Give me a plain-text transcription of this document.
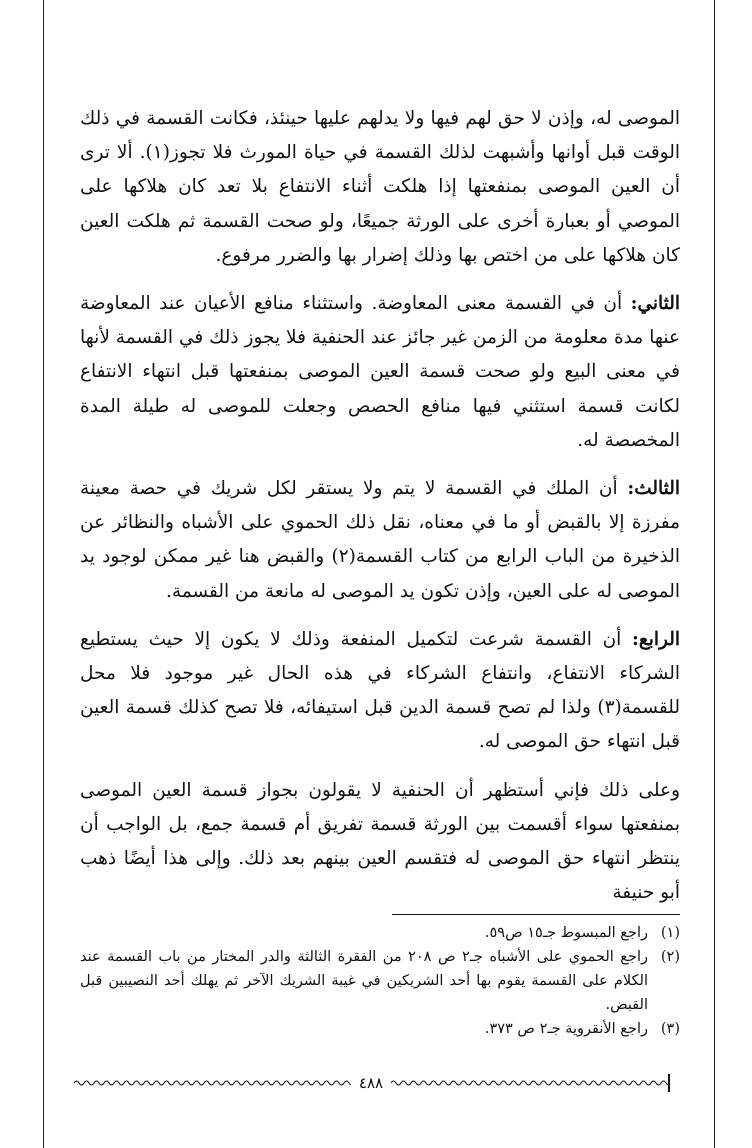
الموصى له، وإذن لا حق لهم فيها ولا يدلهم عليها حينئذ، فكانت القسمة في ذلك الوقت قبل أوانها وأشبهت لذلك القسمة في حياة المورث فلا تجوز(١). ألا ترى أن العين الموصى بمنفعتها إذا هلكت أثناء الانتفاع بلا تعد كان هلاكها على الموصي أو بعبارة أخرى على الورثة جميعًا، ولو صحت القسمة ثم هلكت العين كان هلاكها على من اختص بها وذلك إضرار بها والضرر مرفوع.

الثاني: أن في القسمة معنى المعاوضة. واستثناء منافع الأعيان عند المعاوضة عنها مدة معلومة من الزمن غير جائز عند الحنفية فلا يجوز ذلك في القسمة لأنها في معنى البيع ولو صحت قسمة العين الموصى بمنفعتها قبل انتهاء الانتفاع لكانت قسمة استثني فيها منافع الحصص وجعلت للموصى له طيلة المدة المخصصة له.

الثالث: أن الملك في القسمة لا يتم ولا يستقر لكل شريك في حصة معينة مفرزة إلا بالقبض أو ما في معناه، نقل ذلك الحموي على الأشباه والنظائر عن الذخيرة من الباب الرابع من كتاب القسمة(٢) والقبض هنا غير ممكن لوجود يد الموصى له على العين، وإذن تكون يد الموصى له مانعة من القسمة.

الرابع: أن القسمة شرعت لتكميل المنفعة وذلك لا يكون إلا حيث يستطيع الشركاء الانتفاع، وانتفاع الشركاء في هذه الحال غير موجود فلا محل للقسمة(٣) ولذا لم تصح قسمة الدين قبل استيفائه، فلا تصح كذلك قسمة العين قبل انتهاء حق الموصى له.

وعلى ذلك فإني أستظهر أن الحنفية لا يقولون بجواز قسمة العين الموصى بمنفعتها سواء أقسمت بين الورثة قسمة تفريق أم قسمة جمع، بل الواجب أن ينتظر انتهاء حق الموصى له فتقسم العين بينهم بعد ذلك. وإلى هذا أيضًا ذهب أبو حنيفة

(١)
راجع المبسوط جـ١٥ ص٥٩.
(٢)
راجع الحموي على الأشباه جـ٢ ص ٢٠٨ من الفقرة الثالثة والدر المختار من باب القسمة عند الكلام على القسمة يقوم بها أحد الشريكين في غيبة الشريك الآخر ثم يهلك أحد النصيبين قبل القبض.
(٣)
راجع الأنقروية جـ٢ ص ٣٧٣.
٤٨٨
